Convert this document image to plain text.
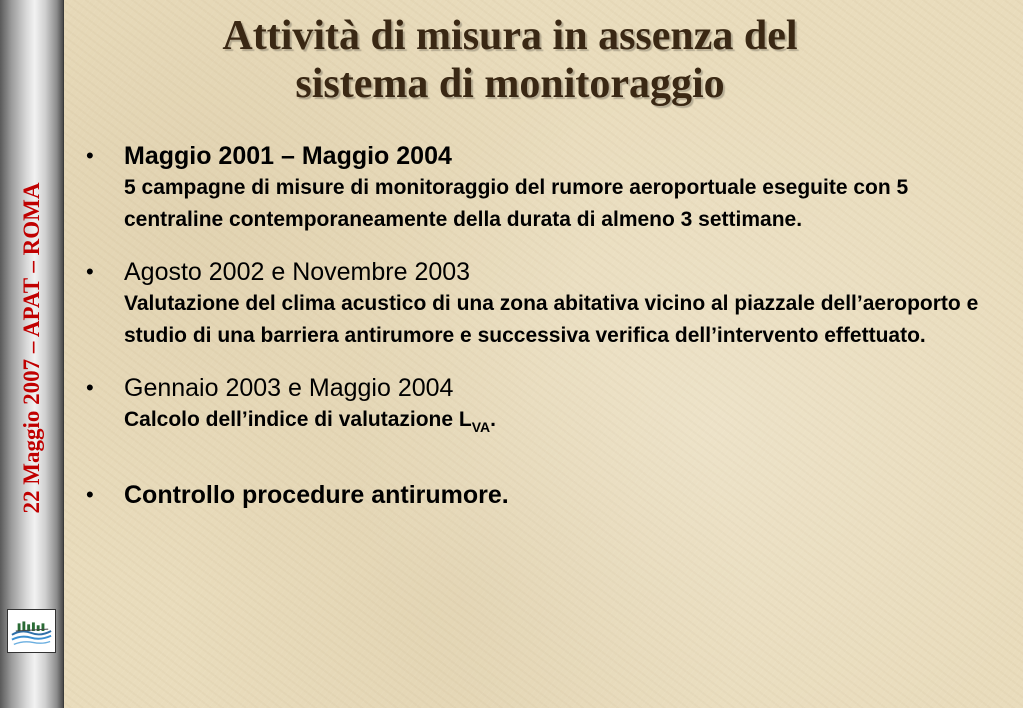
22 Maggio 2007 – APAT – ROMA
Attività di misura in assenza del
sistema di monitoraggio
• Maggio 2001 – Maggio 2004
5 campagne di misure di monitoraggio del rumore aeroportuale eseguite con 5 centraline contemporaneamente della durata di almeno 3 settimane.
• Agosto 2002 e Novembre 2003
Valutazione del clima acustico di una zona abitativa vicino al piazzale dell’aeroporto e studio di una barriera antirumore e successiva verifica dell’intervento effettuato.
• Gennaio 2003 e Maggio 2004
Calcolo dell’indice di valutazione $L_{VA}$.
• Controllo procedure antirumore.
